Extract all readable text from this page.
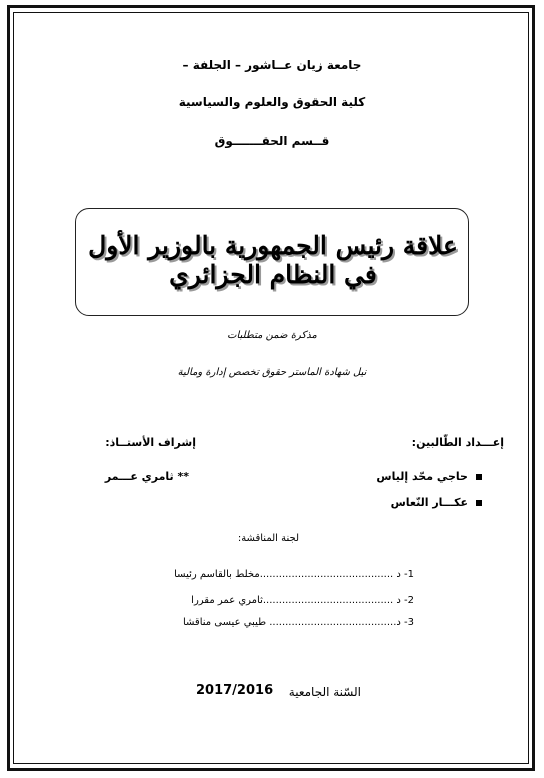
جامعة زيان عــاشور – الجلفة –
كلية الحقوق والعلوم والسياسية
قــسم الحقـــــــوق
علاقة رئيس الجمهورية بالوزير الأول في النظام الجزائري
مذكرة ضمن متطلبات
نيل شهادة الماستر حقوق تخصص إدارة ومالية
إعـــداد الطّالبين:
إشراف الأستــاذ:
حاجي محّد إلياس
** ثامري عـــمر
عكـــار النّعاس
لجنة المناقشة:
1- د ..........................................مخلط بالقاسم رئيسا
2- د .........................................ثامري عمر مقررا
3- د........................................ طيبي عيسى مناقشا
2017/2016 السّنة الجامعية
